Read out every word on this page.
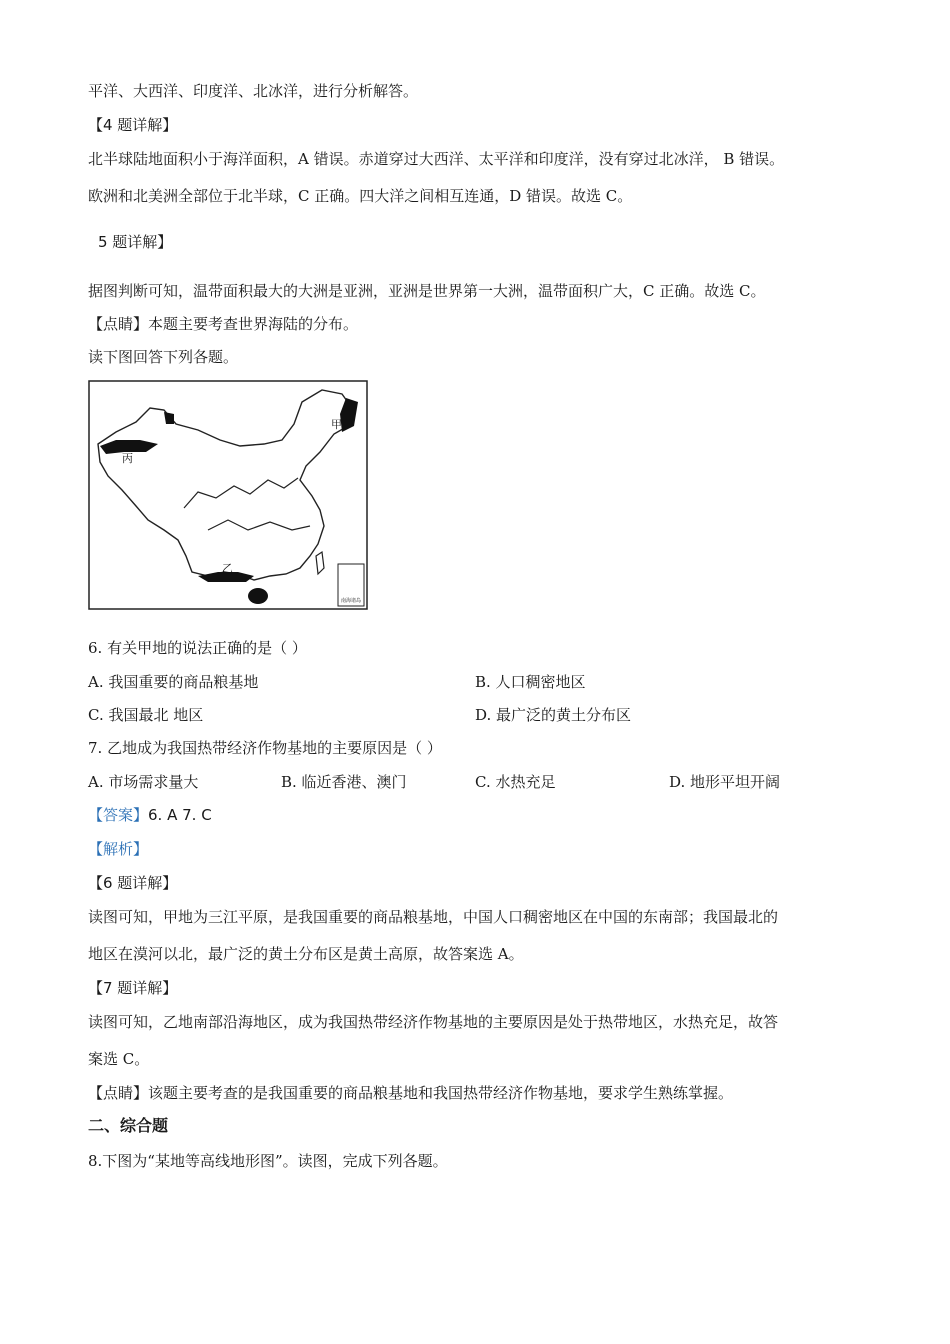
平洋、大西洋、印度洋、北冰洋，进行分析解答。
【4 题详解】
北半球陆地面积小于海洋面积，A 错误。赤道穿过大西洋、太平洋和印度洋，没有穿过北冰洋， B 错误。
欧洲和北美洲全部位于北半球，C 正确。四大洋之间相互连通，D 错误。故选 C。
5 题详解】
据图判断可知，温带面积最大的大洲是亚洲，亚洲是世界第一大洲，温带面积广大，C 正确。故选 C。
【点睛】本题主要考查世界海陆的分布。
读下图回答下列各题。
南海诸岛
甲
丙
乙
6. 有关甲地的说法正确的是（ ）
A. 我国重要的商品粮基地	B. 人口稠密地区
C. 我国最北 地区	D. 最广泛的黄土分布区
7. 乙地成为我国热带经济作物基地的主要原因是（ ）
A. 市场需求量大	B. 临近香港、澳门	C. 水热充足	D. 地形平坦开阔
【答案】6. A 7. C
【解析】
【6 题详解】
读图可知，甲地为三江平原，是我国重要的商品粮基地，中国人口稠密地区在中国的东南部；我国最北的
地区在漠河以北，最广泛的黄土分布区是黄土高原，故答案选 A。
【7 题详解】
读图可知，乙地南部沿海地区，成为我国热带经济作物基地的主要原因是处于热带地区，水热充足，故答
案选 C。
【点睛】该题主要考查的是我国重要的商品粮基地和我国热带经济作物基地，要求学生熟练掌握。
二、综合题
8.下图为“某地等高线地形图”。读图，完成下列各题。
